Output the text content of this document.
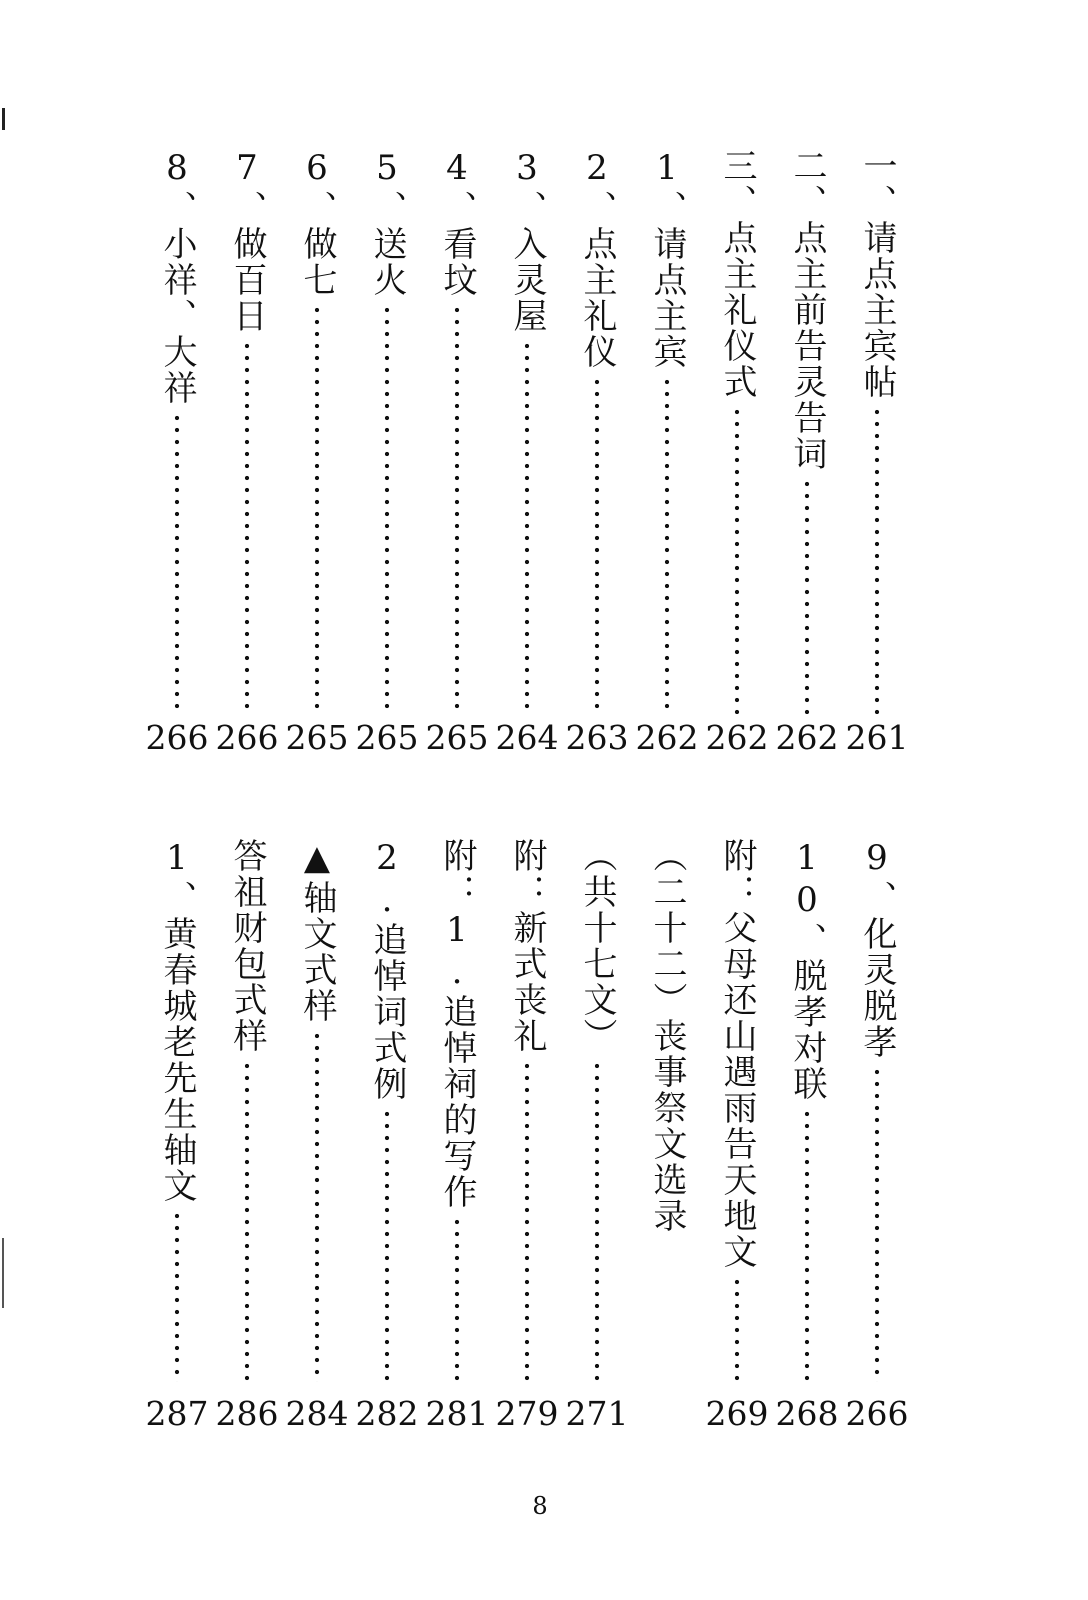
一、请点主宾帖
261
二、点主前告灵告词
262
三、点主礼仪式
262
1、请点主宾
262
2、点主礼仪
263
3、入灵屋
264
4、看坟
265
5、送火
265
6、做七
265
7、做百日
266
8、小祥、大祥
266
9、化灵脱孝
266
10、脱孝对联
268
附：父母还山遇雨告天地文
269
（二十二）丧事祭文选录
（共十七文）
271
附：新式丧礼
279
附：1.追悼祠的写作
281
2.追悼词式例
282
▲轴文式样
284
答祖财包式样
286
1、黄春城老先生轴文
287
8
